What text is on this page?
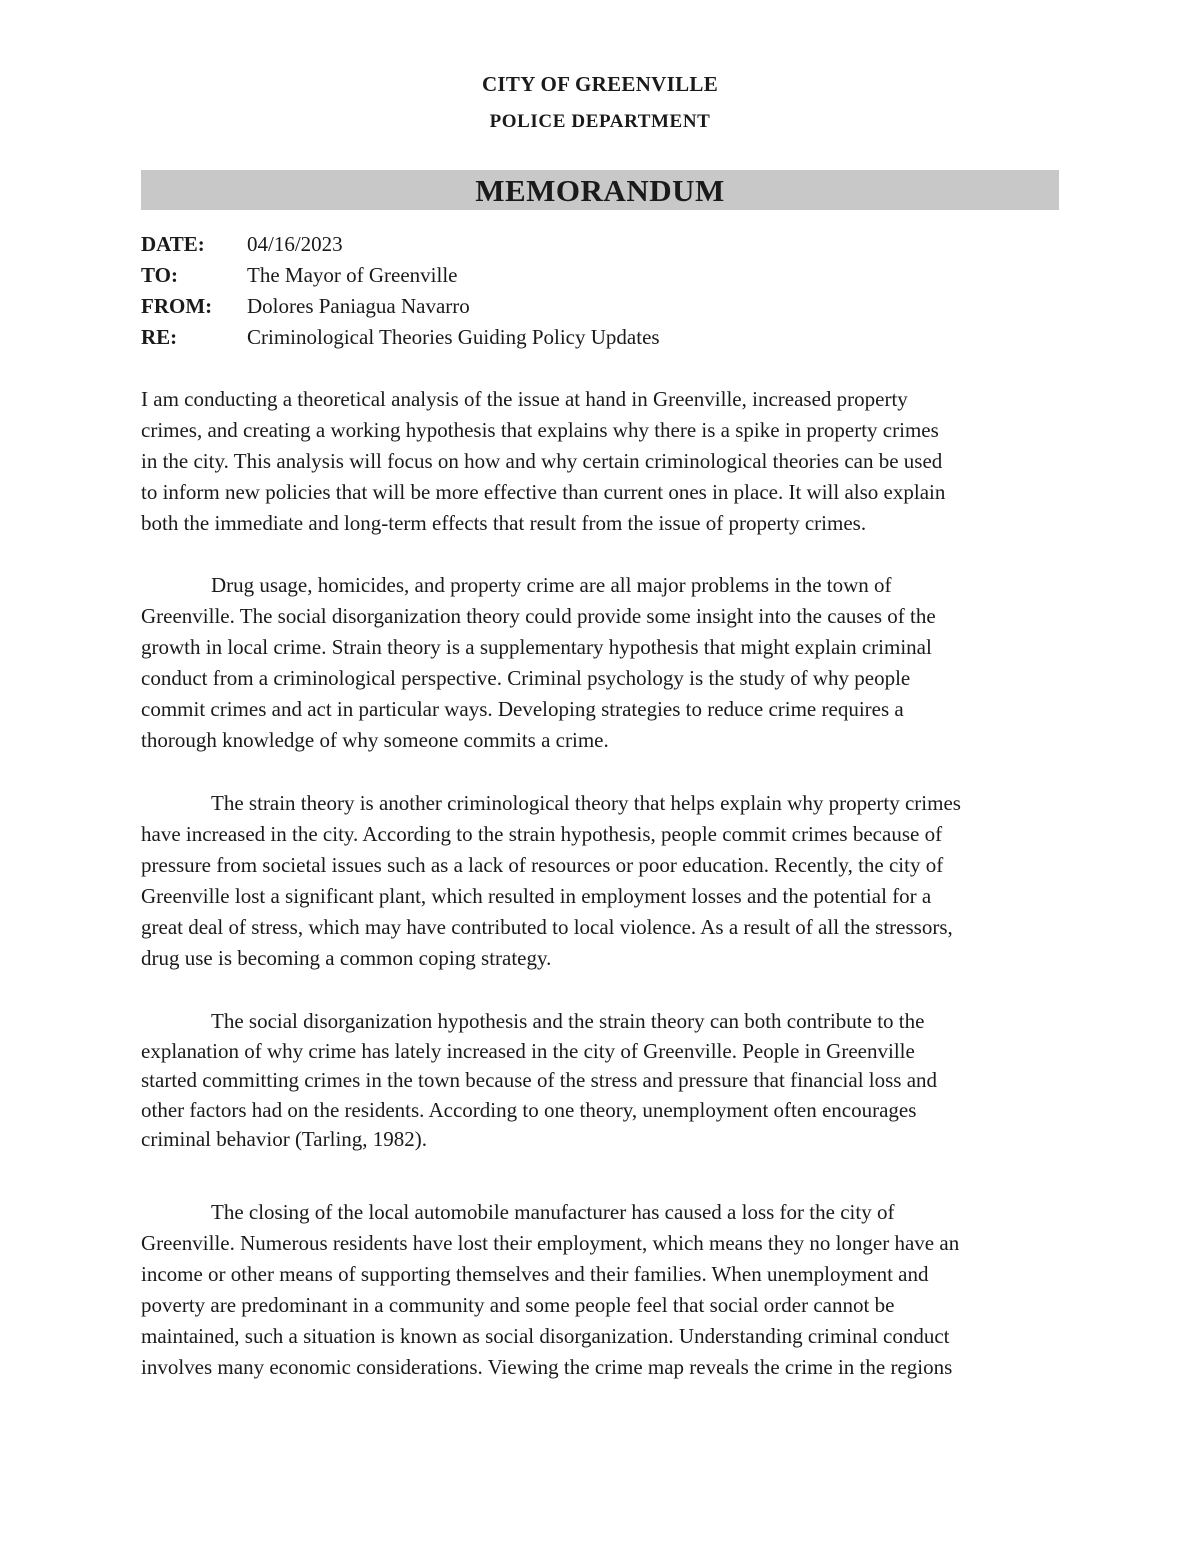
CITY OF GREENVILLE
POLICE DEPARTMENT
MEMORANDUM
DATE:	04/16/2023
TO:	The Mayor of Greenville
FROM:	Dolores Paniagua Navarro
RE:	Criminological Theories Guiding Policy Updates
I am conducting a theoretical analysis of the issue at hand in Greenville, increased property
crimes, and creating a working hypothesis that explains why there is a spike in property crimes
in the city. This analysis will focus on how and why certain criminological theories can be used
to inform new policies that will be more effective than current ones in place. It will also explain
both the immediate and long-term effects that result from the issue of property crimes.
Drug usage, homicides, and property crime are all major problems in the town of
Greenville. The social disorganization theory could provide some insight into the causes of the
growth in local crime. Strain theory is a supplementary hypothesis that might explain criminal
conduct from a criminological perspective. Criminal psychology is the study of why people
commit crimes and act in particular ways. Developing strategies to reduce crime requires a
thorough knowledge of why someone commits a crime.
The strain theory is another criminological theory that helps explain why property crimes
have increased in the city. According to the strain hypothesis, people commit crimes because of
pressure from societal issues such as a lack of resources or poor education. Recently, the city of
Greenville lost a significant plant, which resulted in employment losses and the potential for a
great deal of stress, which may have contributed to local violence. As a result of all the stressors,
drug use is becoming a common coping strategy.
The social disorganization hypothesis and the strain theory can both contribute to the
explanation of why crime has lately increased in the city of Greenville. People in Greenville
started committing crimes in the town because of the stress and pressure that financial loss and
other factors had on the residents. According to one theory, unemployment often encourages
criminal behavior (Tarling, 1982).
The closing of the local automobile manufacturer has caused a loss for the city of
Greenville. Numerous residents have lost their employment, which means they no longer have an
income or other means of supporting themselves and their families. When unemployment and
poverty are predominant in a community and some people feel that social order cannot be
maintained, such a situation is known as social disorganization. Understanding criminal conduct
involves many economic considerations. Viewing the crime map reveals the crime in the regions
